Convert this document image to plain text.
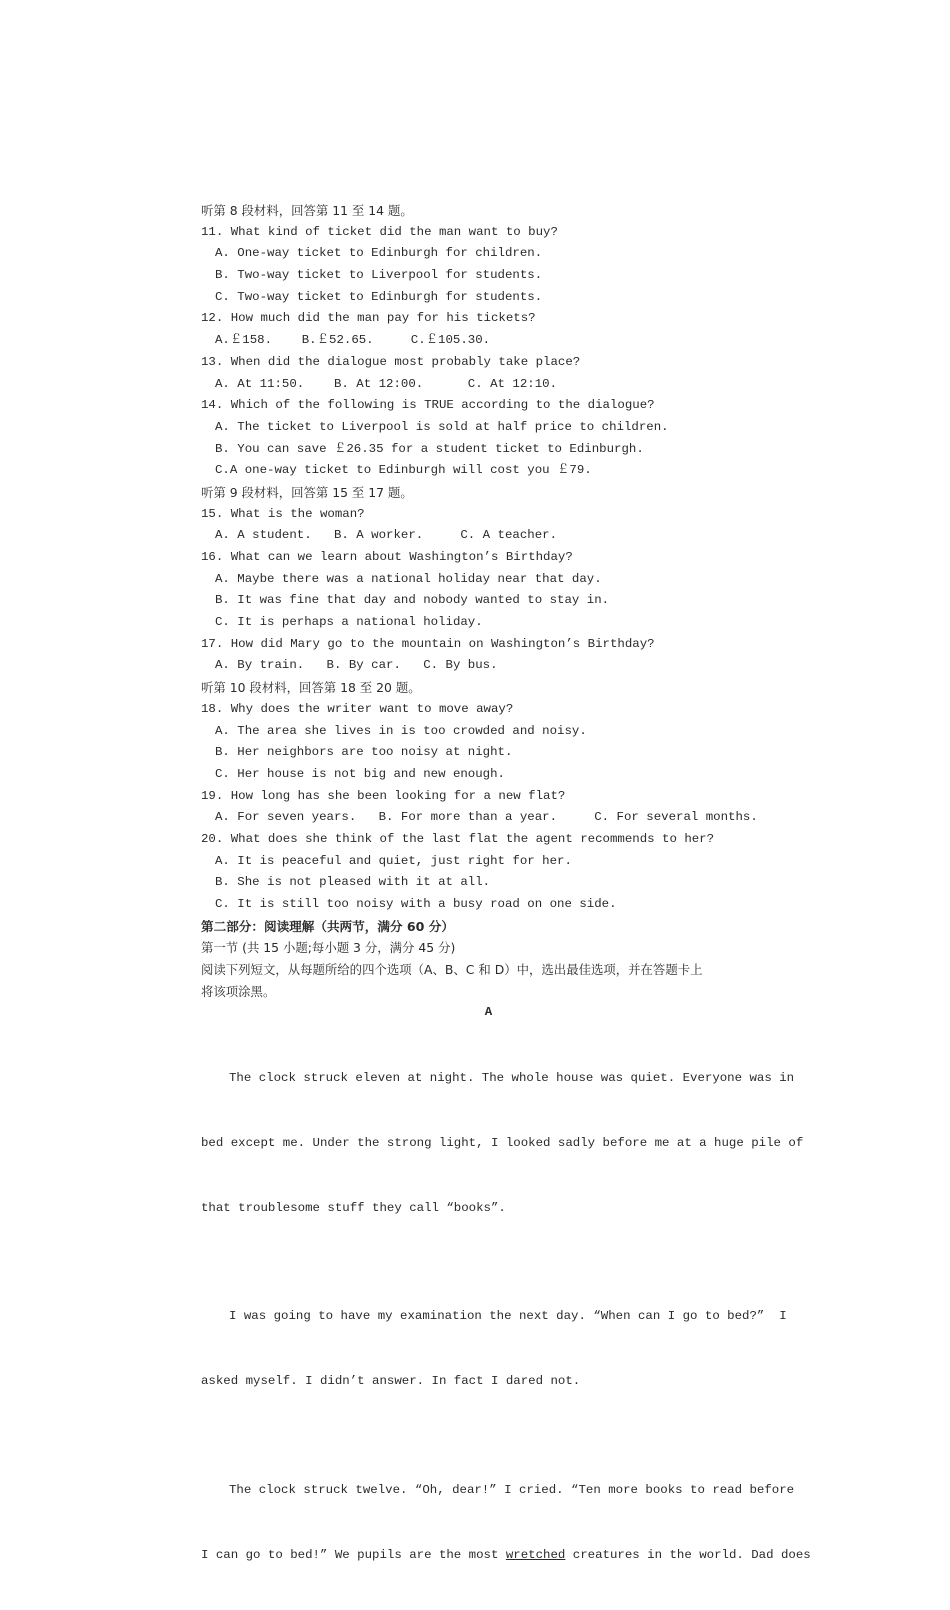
听第 8 段材料，回答第 11 至 14 题。
11. What kind of ticket did the man want to buy?
A. One-way ticket to Edinburgh for children.
B. Two-way ticket to Liverpool for students.
C. Two-way ticket to Edinburgh for students.
12. How much did the man pay for his tickets?
A.￡158.    B.￡52.65.     C.￡105.30.
13. When did the dialogue most probably take place?
A. At 11:50.    B. At 12:00.      C. At 12:10.
14. Which of the following is TRUE according to the dialogue?
A. The ticket to Liverpool is sold at half price to children.
B. You can save ￡26.35 for a student ticket to Edinburgh.
C.A one-way ticket to Edinburgh will cost you ￡79.
听第 9 段材料，回答第 15 至 17 题。
15. What is the woman?
A. A student.   B. A worker.     C. A teacher.
16. What can we learn about Washington’s Birthday?
A. Maybe there was a national holiday near that day.
B. It was fine that day and nobody wanted to stay in.
C. It is perhaps a national holiday.
17. How did Mary go to the mountain on Washington’s Birthday?
A. By train.   B. By car.   C. By bus.
听第 10 段材料，回答第 18 至 20 题。
18. Why does the writer want to move away?
A. The area she lives in is too crowded and noisy.
B. Her neighbors are too noisy at night.
C. Her house is not big and new enough.
19. How long has she been looking for a new flat?
A. For seven years.   B. For more than a year.     C. For several months.
20. What does she think of the last flat the agent recommends to her?
A. It is peaceful and quiet, just right for her.
B. She is not pleased with it at all.
C. It is still too noisy with a busy road on one side.
第二部分：阅读理解（共两节，满分 60 分）
第一节 (共 15 小题;每小题 3 分，满分 45 分)
阅读下列短文，从每题所给的四个选项（A、B、C 和 D）中，选出最佳选项，并在答题卡上
将该项涂黑。
A

The clock struck eleven at night. The whole house was quiet. Everyone was in

bed except me. Under the strong light, I looked sadly before me at a huge pile of

that troublesome stuff they call “books”.

I was going to have my examination the next day. “When can I go to bed?”  I

asked myself. I didn’t answer. In fact I dared not.

The clock struck twelve. “Oh, dear!” I cried. “Ten more books to read before

I can go to bed!” We pupils are the most wretched creatures in the world. Dad does
